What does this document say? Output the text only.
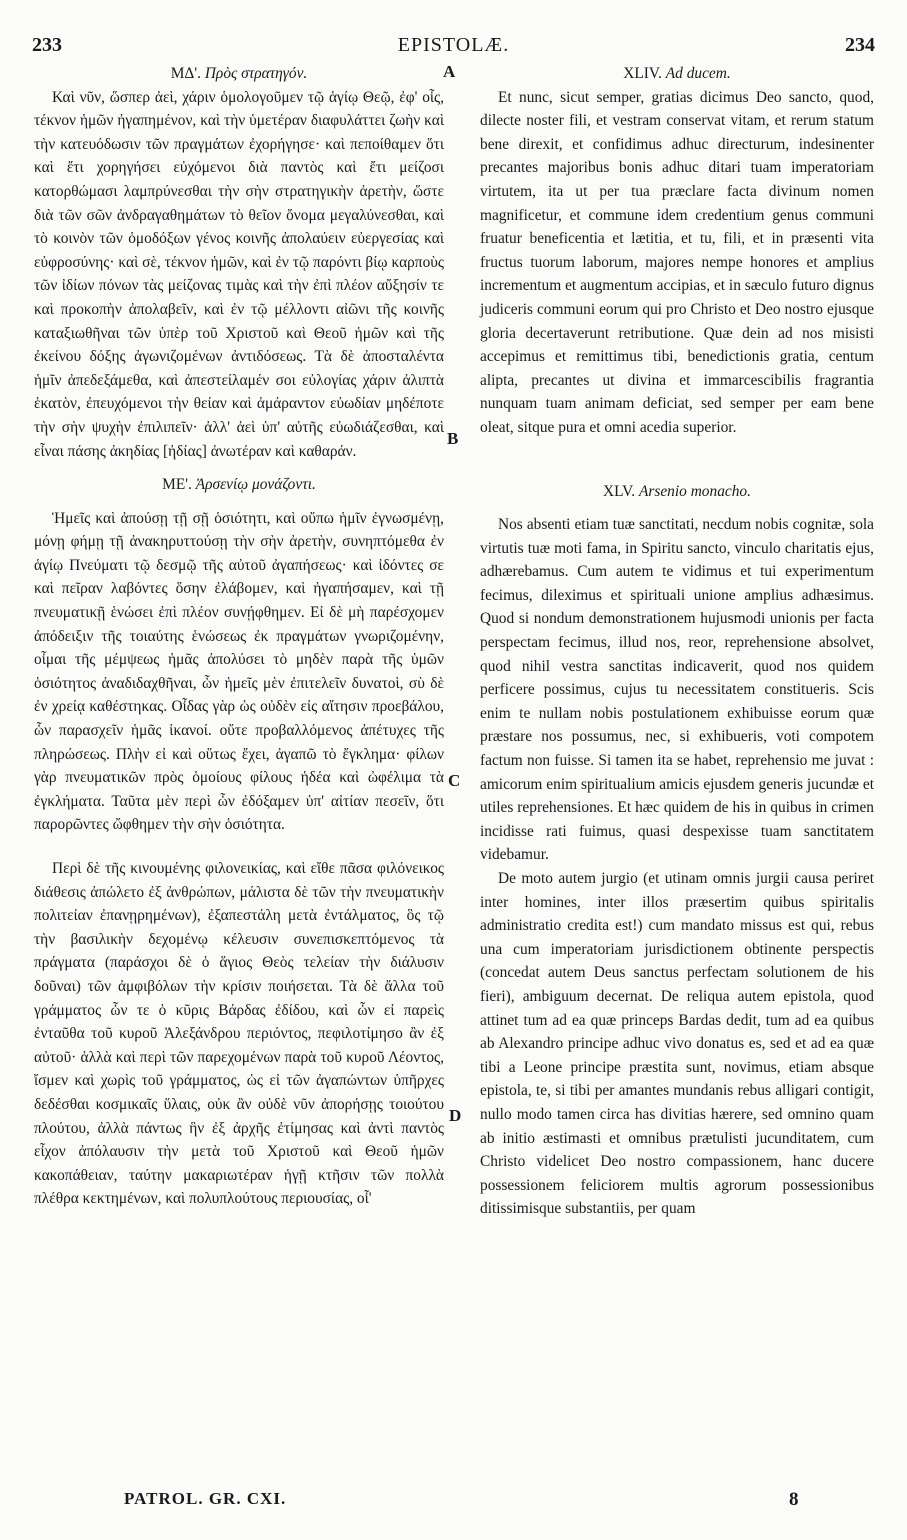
233	EPISTOLÆ.	234
ΜΔ'. Πρὸς στρατηγόν.

Καὶ νῦν, ὥσπερ ἀεὶ, χάριν ὁμολογοῦμεν τῷ ἁγίῳ Θεῷ, ἐφ' οἷς, τέκνον ἡμῶν ἠγαπημένον, καὶ τὴν ὑμετέραν διαφυλάττει ζωὴν καὶ τὴν κατευόδωσιν τῶν πραγμάτων ἐχορήγησε· καὶ πεποίθαμεν ὅτι καὶ ἔτι χορηγήσει εὐχόμενοι διὰ παντὸς καὶ ἔτι μείζοσι κατορθώμασι λαμπρύνεσθαι τὴν σὴν στρατηγικὴν ἀρετὴν, ὥστε διὰ τῶν σῶν ἀνδραγαθημάτων τὸ θεῖον ὄνομα μεγαλύνεσθαι, καὶ τὸ κοινὸν τῶν ὁμοδόξων γένος κοινῆς ἀπολαύειν εὐεργεσίας καὶ εὐφροσύνης· καὶ σὲ, τέκνον ἡμῶν, καὶ ἐν τῷ παρόντι βίῳ καρποὺς τῶν ἰδίων πόνων τὰς μείζονας τιμὰς καὶ τὴν ἐπὶ πλέον αὔξησίν τε καὶ προκοπὴν ἀπολαβεῖν, καὶ ἐν τῷ μέλλοντι αἰῶνι τῆς κοινῆς καταξιωθῆναι τῶν ὑπὲρ τοῦ Χριστοῦ καὶ Θεοῦ ἡμῶν καὶ τῆς ἐκείνου δόξης ἀγωνιζομένων ἀντιδόσεως. Τὰ δὲ ἀποσταλέντα ἡμῖν ἀπεδεξάμεθα, καὶ ἀπεστείλαμέν σοι εὐλογίας χάριν ἀλιπτὰ ἑκατὸν, ἐπευχόμενοι τὴν θείαν καὶ ἀμάραντον εὐωδίαν μηδέποτε τὴν σὴν ψυχὴν ἐπιλιπεῖν· ἀλλ' ἀεὶ ὑπ' αὐτῆς εὐωδιάζεσθαι, καὶ εἶναι πάσης ἀκηδίας [ἠδίας] ἀνωτέραν καὶ καθαράν.

ΜΕ'. Ἀρσενίῳ μονάζοντι.

Ἡμεῖς καὶ ἀπούσῃ τῇ σῇ ὁσιότητι, καὶ οὔπω ἡμῖν ἐγνωσμένῃ, μόνῃ φήμῃ τῇ ἀνακηρυττούσῃ τὴν σὴν ἀρετὴν, συνηπτόμεθα ἐν ἁγίῳ Πνεύματι τῷ δεσμῷ τῆς αὐτοῦ ἀγαπήσεως· καὶ ἰδόντες σε καὶ πεῖραν λαβόντες ὅσην ἐλάβομεν, καὶ ἠγαπήσαμεν, καὶ τῇ πνευματικῇ ἑνώσει ἐπὶ πλέον συνῄφθημεν. Εἰ δὲ μὴ παρέσχομεν ἀπόδειξιν τῆς τοιαύτης ἑνώσεως ἐκ πραγμάτων γνωριζομένην, οἶμαι τῆς μέμψεως ἡμᾶς ἀπολύσει τὸ μηδὲν παρὰ τῆς ὑμῶν ὁσιότητος ἀναδιδαχθῆναι, ὧν ἡμεῖς μὲν ἐπιτελεῖν δυνατοὶ, σὺ δὲ ἐν χρείᾳ καθέστηκας. Οἶδας γὰρ ὡς οὐδὲν εἰς αἴτησιν προεβάλου, ὧν παρασχεῖν ἡμᾶς ἱκανοί. οὔτε προβαλλόμενος ἀπέτυχες τῆς πληρώσεως. Πλὴν εἰ καὶ οὕτως ἔχει, ἀγαπῶ τὸ ἔγκλημα· φίλων γὰρ πνευματικῶν πρὸς ὁμοίους φίλους ἡδέα καὶ ὠφέλιμα τὰ ἐγκλήματα. Ταῦτα μὲν περὶ ὧν ἐδόξαμεν ὑπ' αἰτίαν πεσεῖν, ὅτι παρορῶντες ὤφθημεν τὴν σὴν ὁσιότητα.

Περὶ δὲ τῆς κινουμένης φιλονεικίας, καὶ εἴθε πᾶσα φιλόνεικος διάθεσις ἀπώλετο ἐξ ἀνθρώπων, μάλιστα δὲ τῶν τὴν πνευματικὴν πολιτείαν ἐπανῃρημένων), ἐξαπεστάλη μετὰ ἐντάλματος, ὃς τῷ τὴν βασιλικὴν δεχομένῳ κέλευσιν συνεπισκεπτόμενος τὰ πράγματα (παράσχοι δὲ ὁ ἅγιος Θεὸς τελείαν τὴν διάλυσιν δοῦναι) τῶν ἀμφιβόλων τὴν κρίσιν ποιήσεται. Τὰ δὲ ἄλλα τοῦ γράμματος ὧν τε ὁ κῦρις Βάρδας ἐδίδου, καὶ ὧν εἰ παρεὶς ἐνταῦθα τοῦ κυροῦ Ἀλεξάνδρου περιόντος, πεφιλοτίμησο ἂν ἐξ αὐτοῦ· ἀλλὰ καὶ περὶ τῶν παρεχομένων παρὰ τοῦ κυροῦ Λέοντος, ἴσμεν καὶ χωρὶς τοῦ γράμματος, ὡς εἰ τῶν ἀγαπώντων ὑπῆρχες δεδέσθαι κοσμικαῖς ὕλαις, οὐκ ἂν οὐδὲ νῦν ἀπορήσῃς τοιούτου πλούτου, ἀλλὰ πάντως ἣν ἐξ ἀρχῆς ἐτίμησας καὶ ἀντὶ παντὸς εἶχον ἀπόλαυσιν τὴν μετὰ τοῦ Χριστοῦ καὶ Θεοῦ ἡμῶν κακοπάθειαν, ταύτην μακαριωτέραν ἡγῇ κτῆσιν τῶν πολλὰ πλέθρα κεκτημένων, καὶ πολυπλούτους περιουσίας, οἷ'

A
B
C
D
XLIV. Ad ducem.

Et nunc, sicut semper, gratias dicimus Deo sancto, quod, dilecte noster fili, et vestram conservat vitam, et rerum statum bene direxit, et confidimus adhuc directurum, indesinenter precantes majoribus bonis adhuc ditari tuam imperatoriam virtutem, ita ut per tua præclare facta divinum nomen magnificetur, et commune idem credentium genus communi fruatur beneficentia et lætitia, et tu, fili, et in præsenti vita fructus tuorum laborum, majores nempe honores et amplius incrementum et augmentum accipias, et in sæculo futuro dignus judiceris communi eorum qui pro Christo et Deo nostro ejusque gloria decertaverunt retributione. Quæ dein ad nos misisti accepimus et remittimus tibi, benedictionis gratia, centum alipta, precantes ut divina et immarcescibilis fragrantia nunquam tuam animam deficiat, sed semper per eam bene oleat, sitque pura et omni acedia superior.

XLV. Arsenio monacho.

Nos absenti etiam tuæ sanctitati, necdum nobis cognitæ, sola virtutis tuæ moti fama, in Spiritu sancto, vinculo charitatis ejus, adhærebamus. Cum autem te vidimus et tui experimentum fecimus, dileximus et spirituali unione amplius adhæsimus. Quod si nondum demonstrationem hujusmodi unionis per facta perspectam fecimus, illud nos, reor, reprehensione absolvet, quod nihil vestra sanctitas indicaverit, quod nos quidem perficere possimus, cujus tu necessitatem constitueris. Scis enim te nullam nobis postulationem exhibuisse eorum quæ præstare nos possumus, nec, si exhibueris, voti compotem factum non fuisse. Si tamen ita se habet, reprehensio me juvat : amicorum enim spiritualium amicis ejusdem generis jucundæ et utiles reprehensiones. Et hæc quidem de his in quibus in crimen incidisse rati fuimus, quasi despexisse tuam sanctitatem videbamur.

De moto autem jurgio (et utinam omnis jurgii causa periret inter homines, inter illos præsertim quibus spiritalis administratio credita est!) cum mandato missus est qui, rebus una cum imperatoriam jurisdictionem obtinente perspectis (concedat autem Deus sanctus perfectam solutionem de his fieri), ambiguum decernat. De reliqua autem epistola, quod attinet tum ad ea quæ princeps Bardas dedit, tum ad ea quibus ab Alexandro principe adhuc vivo donatus es, sed et ad ea quæ tibi a Leone principe præstita sunt, novimus, etiam absque epistola, te, si tibi per amantes mundanis rebus alligari contigit, nullo modo tamen circa has divitias hærere, sed omnino quam ab initio æstimasti et omnibus prætulisti jucunditatem, cum Christo videlicet Deo nostro compassionem, hanc ducere possessionem feliciorem multis agrorum possessionibus ditissimisque substantiis, per quam

PATROL. GR. CXI.	8
